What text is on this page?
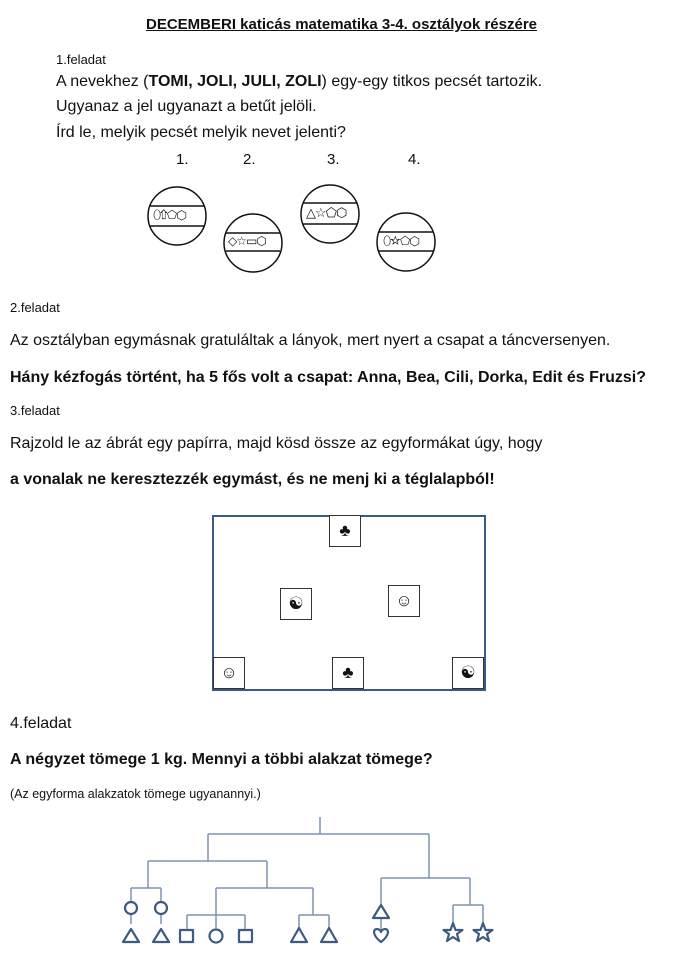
DECEMBERI katicás matematika 3-4. osztályok részére
1.feladat
A nevekhez (TOMI, JOLI, JULI, ZOLI) egy-egy titkos pecsét tartozik.
Ugyanaz a jel ugyanazt a betűt jelöli.
Írd le, melyik pecsét melyik nevet jelenti?
1.	2.	3.	4.
⬯⇧⬠⬡
◇☆▭⬡
△☆⬠⬡
⬯☆⬠⬡
2.feladat
Az osztályban egymásnak gratuláltak a lányok, mert nyert a csapat a táncversenyen.
Hány kézfogás történt, ha 5 fős volt a csapat: Anna, Bea, Cili, Dorka, Edit és Fruzsi?
3.feladat
Rajzold le az ábrát egy papírra, majd kösd össze az egyformákat úgy, hogy
a vonalak ne keresztezzék egymást, és ne menj ki a téglalapból!
♣
☯	☺
☺	♣	☯
4.feladat
A négyzet tömege 1 kg. Mennyi a többi alakzat tömege?
(Az egyforma alakzatok tömege ugyanannyi.)
